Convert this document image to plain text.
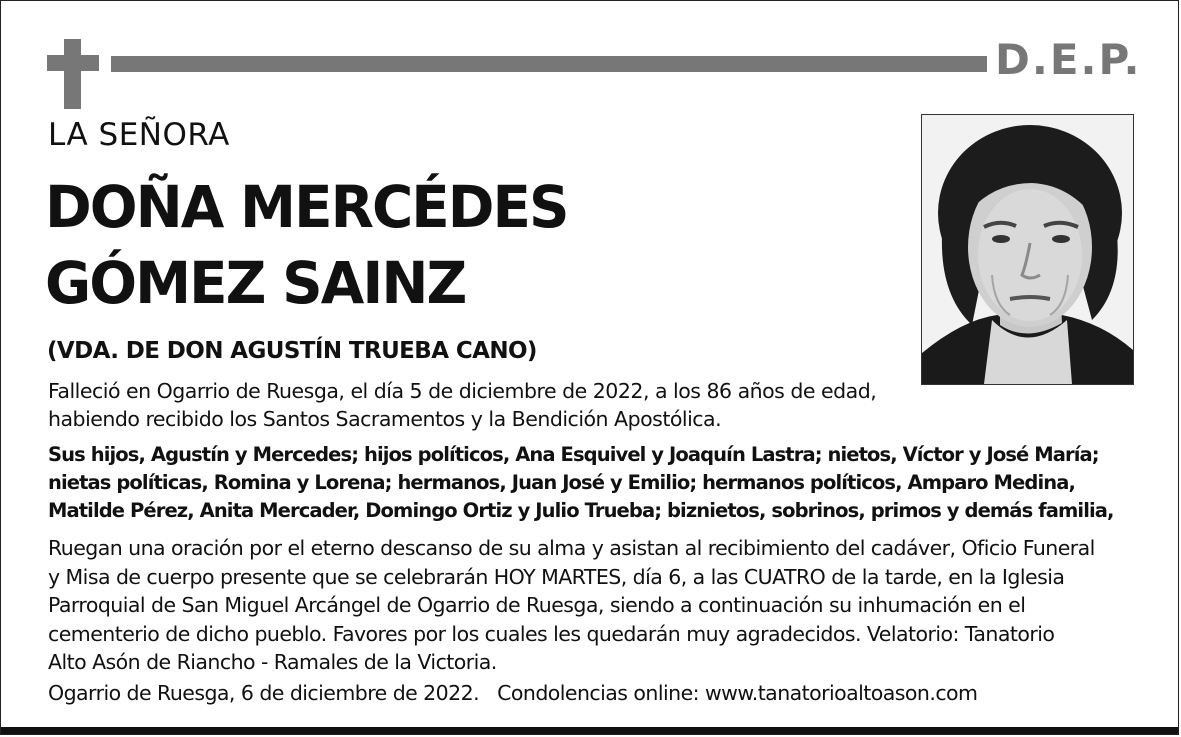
D.E.P.
LA SEÑORA
DOÑA MERCÉDES
GÓMEZ SAINZ
(VDA. DE DON AGUSTÍN TRUEBA CANO)
Falleció en Ogarrio de Ruesga, el día 5 de diciembre de 2022, a los 86 años de edad,
habiendo recibido los Santos Sacramentos y la Bendición Apostólica.
Sus hijos, Agustín y Mercedes; hijos políticos, Ana Esquivel y Joaquín Lastra; nietos, Víctor y José María;
nietas políticas, Romina y Lorena; hermanos, Juan José y Emilio; hermanos políticos, Amparo Medina,
Matilde Pérez, Anita Mercader, Domingo Ortiz y Julio Trueba; biznietos, sobrinos, primos y demás familia,
Ruegan una oración por el eterno descanso de su alma y asistan al recibimiento del cadáver, Oficio Funeral
y Misa de cuerpo presente que se celebrarán HOY MARTES, día 6, a las CUATRO de la tarde, en la Iglesia
Parroquial de San Miguel Arcángel de Ogarrio de Ruesga, siendo a continuación su inhumación en el
cementerio de dicho pueblo. Favores por los cuales les quedarán muy agradecidos. Velatorio: Tanatorio
Alto Asón de Riancho - Ramales de la Victoria.
Ogarrio de Ruesga, 6 de diciembre de 2022. Condolencias online: www.tanatorioaltoason.com
